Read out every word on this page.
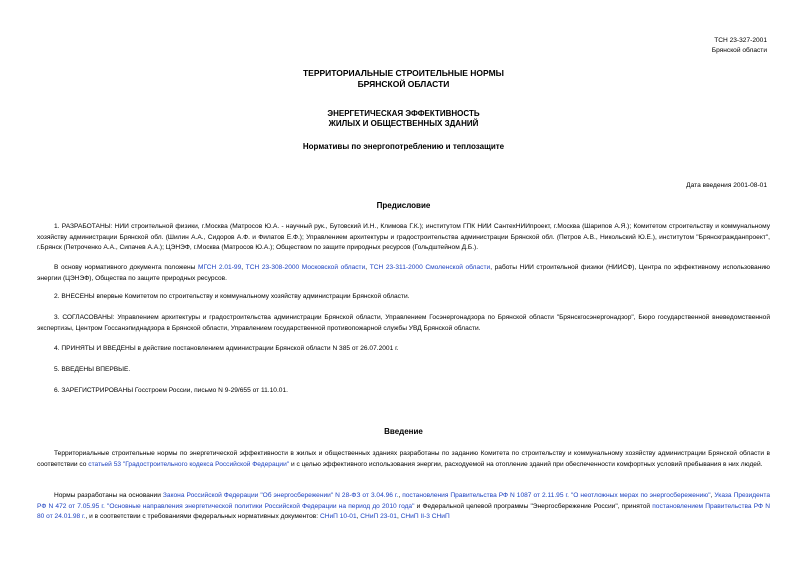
ТСН 23-327-2001
Брянской области
ТЕРРИТОРИАЛЬНЫЕ СТРОИТЕЛЬНЫЕ НОРМЫ
БРЯНСКОЙ ОБЛАСТИ
ЭНЕРГЕТИЧЕСКАЯ ЭФФЕКТИВНОСТЬ
ЖИЛЫХ И ОБЩЕСТВЕННЫХ ЗДАНИЙ
Нормативы по энергопотреблению и теплозащите
Дата введения 2001-08-01
Предисловие

1. РАЗРАБОТАНЫ: НИИ строительной физики, г.Москва (Матросов Ю.А. - научный рук., Бутовский И.Н., Климова Г.К.); институтом ГПК НИИ СантехНИИпроект, г.Москва (Шарипов А.Я.); Комитетом строительству и коммунальному хозяйству администрации Брянской обл. (Шилин А.А., Сидоров А.Ф. и Филатов Е.Ф.); Управлением архитектуры и градостроительства администрации Брянской обл. (Петров А.В., Никольский Ю.Е.), институтом "Брянскгражданпроект", г.Брянск (Петроченко А.А., Сипачев А.А.); ЦЭНЭФ, г.Москва (Матросов Ю.А.); Обществом по защите природных ресурсов (Гольдштейном Д.Б.).

В основу нормативного документа положены МГСН 2.01-99, ТСН 23-308-2000 Московской области, ТСН 23-311-2000 Смоленской области, работы НИИ строительной физики (НИИСФ), Центра по эффективному использованию энергии (ЦЭНЭФ), Общества по защите природных ресурсов.

2. ВНЕСЕНЫ впервые Комитетом по строительству и коммунальному хозяйству администрации Брянской области.

3. СОГЛАСОВАНЫ: Управлением архитектуры и градостроительства администрации Брянской области, Управлением Госэнергонадзора по Брянской области "Брянскгосэнергонадзор", Бюро государственной вневедомственной экспертизы, Центром Госсанэпиднадзора в Брянской области, Управлением государственной противопожарной службы УВД Брянской области.

4. ПРИНЯТЫ И ВВЕДЕНЫ в действие постановлением администрации Брянской области N 385 от 26.07.2001 г.

5. ВВЕДЕНЫ ВПЕРВЫЕ.

6. ЗАРЕГИСТРИРОВАНЫ Госстроем России, письмо N 9-29/655 от 11.10.01.

Введение

Территориальные строительные нормы по энергетической эффективности в жилых и общественных зданиях разработаны по заданию Комитета по строительству и коммунальному хозяйству администрации Брянской области в соответствии со статьей 53 "Градостроительного кодекса Российской Федерации" и с целью эффективного использования энергии, расходуемой на отопление зданий при обеспеченности комфортных условий пребывания в них людей.

Нормы разработаны на основании Закона Российской Федерации "Об энергосбережении" N 28-ФЗ от 3.04.96 г., постановления Правительства РФ N 1087 от 2.11.95 г. "О неотложных мерах по энергосбережению", Указа Президента РФ N 472 от 7.05.95 г. "Основные направления энергетической политики Российской Федерации на период до 2010 года" и Федеральной целевой программы "Энергосбережение России", принятой постановлением Правительства РФ N 80 от 24.01.98 г., и в соответствии с требованиями федеральных нормативных документов: СНиП 10-01, СНиП 23-01, СНиП II-3 СНиП
